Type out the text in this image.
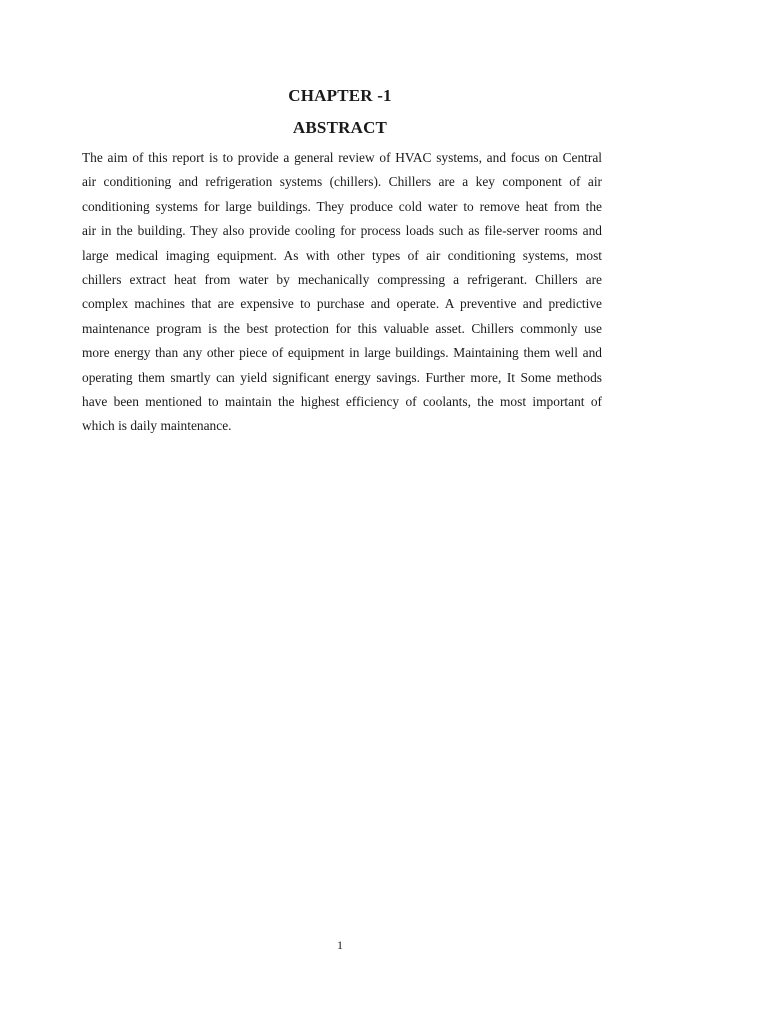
CHAPTER -1
ABSTRACT
The aim of this report is to provide a general review of HVAC systems, and focus on Central
air conditioning and refrigeration systems (chillers). Chillers are a key component of air
conditioning systems for large buildings. They produce cold water to remove heat from the
air in the building. They also provide cooling for process loads such as file-server rooms and
large medical imaging equipment. As with other types of air conditioning systems, most
chillers extract heat from water by mechanically compressing a refrigerant. Chillers are
complex machines that are expensive to purchase and operate. A preventive and predictive
maintenance program is the best protection for this valuable asset. Chillers commonly use
more energy than any other piece of equipment in large buildings. Maintaining them well and
operating them smartly can yield significant energy savings. Further more, It Some methods
have been mentioned to maintain the highest efficiency of coolants, the most important of
which is daily maintenance.
1
